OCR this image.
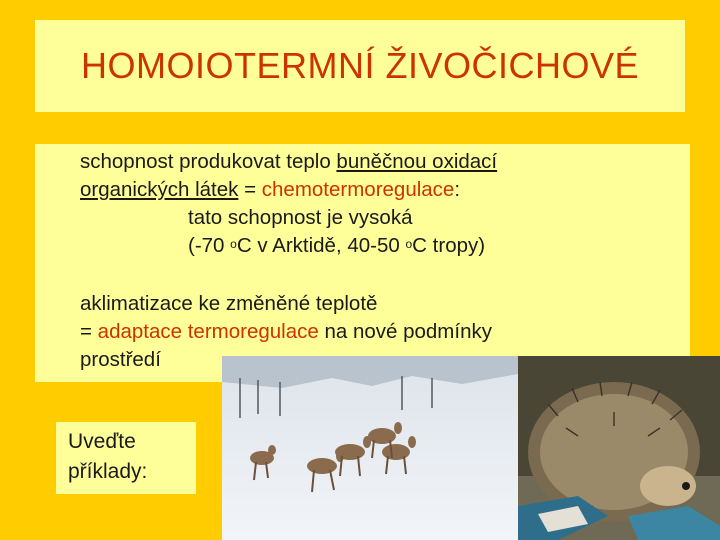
HOMOIOTERMNÍ ŽIVOČICHOVÉ
schopnost produkovat teplo buněčnou oxidací
organických látek = chemotermoregulace:
tato schopnost je vysoká
(-70 $^o$C v Arktidě, 40-50 $^o$C tropy)
aklimatizace ke změněné teplotě
= adaptace termoregulace na nové podmínky
prostředí
Uveďte
příklady:
